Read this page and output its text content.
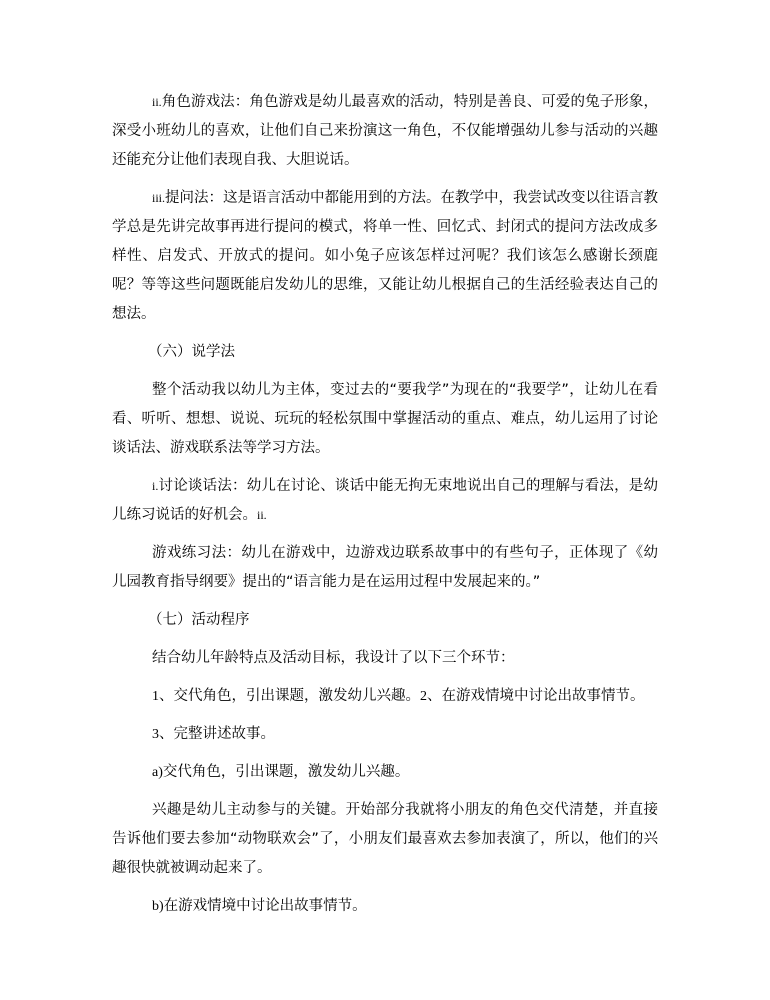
ii.角色游戏法：角色游戏是幼儿最喜欢的活动，特别是善良、可爱的兔子形象，深受小班幼儿的喜欢，让他们自己来扮演这一角色，不仅能增强幼儿参与活动的兴趣还能充分让他们表现自我、大胆说话。

iii.提问法：这是语言活动中都能用到的方法。在教学中，我尝试改变以往语言教学总是先讲完故事再进行提问的模式，将单一性、回忆式、封闭式的提问方法改成多样性、启发式、开放式的提问。如小兔子应该怎样过河呢？我们该怎么感谢长颈鹿呢？等等这些问题既能启发幼儿的思维，又能让幼儿根据自己的生活经验表达自己的想法。

（六）说学法

整个活动我以幼儿为主体，变过去的“要我学”为现在的“我要学”，让幼儿在看看、听听、想想、说说、玩玩的轻松氛围中掌握活动的重点、难点，幼儿运用了讨论谈话法、游戏联系法等学习方法。

i.讨论谈话法：幼儿在讨论、谈话中能无拘无束地说出自己的理解与看法，是幼儿练习说话的好机会。ii.

游戏练习法：幼儿在游戏中，边游戏边联系故事中的有些句子，正体现了《幼儿园教育指导纲要》提出的“语言能力是在运用过程中发展起来的。”

（七）活动程序

结合幼儿年龄特点及活动目标，我设计了以下三个环节：

1、交代角色，引出课题，激发幼儿兴趣。2、在游戏情境中讨论出故事情节。

3、完整讲述故事。

a)交代角色，引出课题，激发幼儿兴趣。

兴趣是幼儿主动参与的关键。开始部分我就将小朋友的角色交代清楚，并直接告诉他们要去参加“动物联欢会”了，小朋友们最喜欢去参加表演了，所以，他们的兴趣很快就被调动起来了。

b)在游戏情境中讨论出故事情节。
